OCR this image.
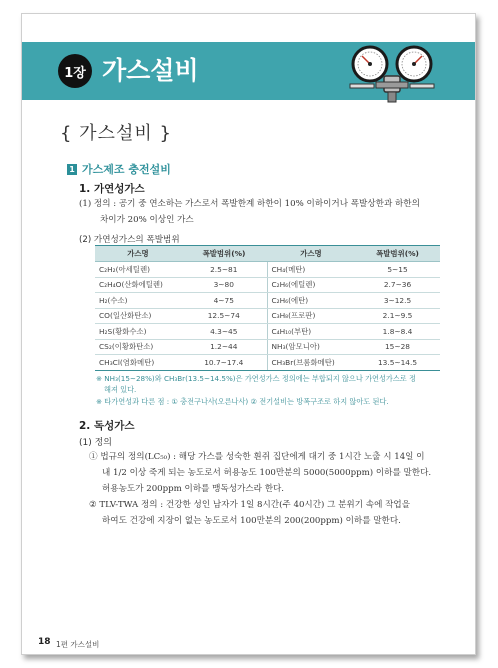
1장 가스설비
{ 가스설비 }
1 가스제조 충전설비
1. 가연성가스
(1) 정의 : 공기 중 연소하는 가스로서 폭발한계 하한이 10% 이하이거나 폭발상한과 하한의
차이가 20% 이상인 가스
(2) 가연성가스의 폭발범위
가스명	폭발범위(%)	가스명	폭발범위(%)
C₂H₂(아세틸렌)	2.5~81	CH₄(메탄)	5~15
C₂H₄O(산화에틸렌)	3~80	C₂H₆(에틸렌)	2.7~36
H₂(수소)	4~75	C₂H₆(에탄)	3~12.5
CO(일산화탄소)	12.5~74	C₃H₈(프로판)	2.1~9.5
H₂S(황화수소)	4.3~45	C₄H₁₀(부탄)	1.8~8.4
CS₂(이황화탄소)	1.2~44	NH₃(암모니아)	15~28
CH₃Cl(염화메탄)	10.7~17.4	CH₃Br(브롬화메탄)	13.5~14.5
※ NH₃(15~28%)와 CH₃Br(13.5~14.5%)은 가연성가스 정의에는 부합되지 않으나 가연성가스로 정
해져 있다.
※ 타가연성과 다른 점 : ① 충전구나사(오른나사) ② 전기설비는 방폭구조로 하지 않아도 된다.
2. 독성가스
(1) 정의
① 법규의 정의(LC₅₀) : 해당 가스를 성숙한 흰쥐 집단에게 대기 중 1시간 노출 시 14일 이
내 1/2 이상 죽게 되는 농도로서 허용농도 100만분의 5000(5000ppm) 이하를 말한다.
허용농도가 200ppm 이하를 맹독성가스라 한다.
② TLV-TWA 정의 : 건강한 성인 남자가 1일 8시간(주 40시간) 그 분위기 속에 작업을
하여도 건강에 지장이 없는 농도로서 100만분의 200(200ppm) 이하를 말한다.
18 1편 가스설비
